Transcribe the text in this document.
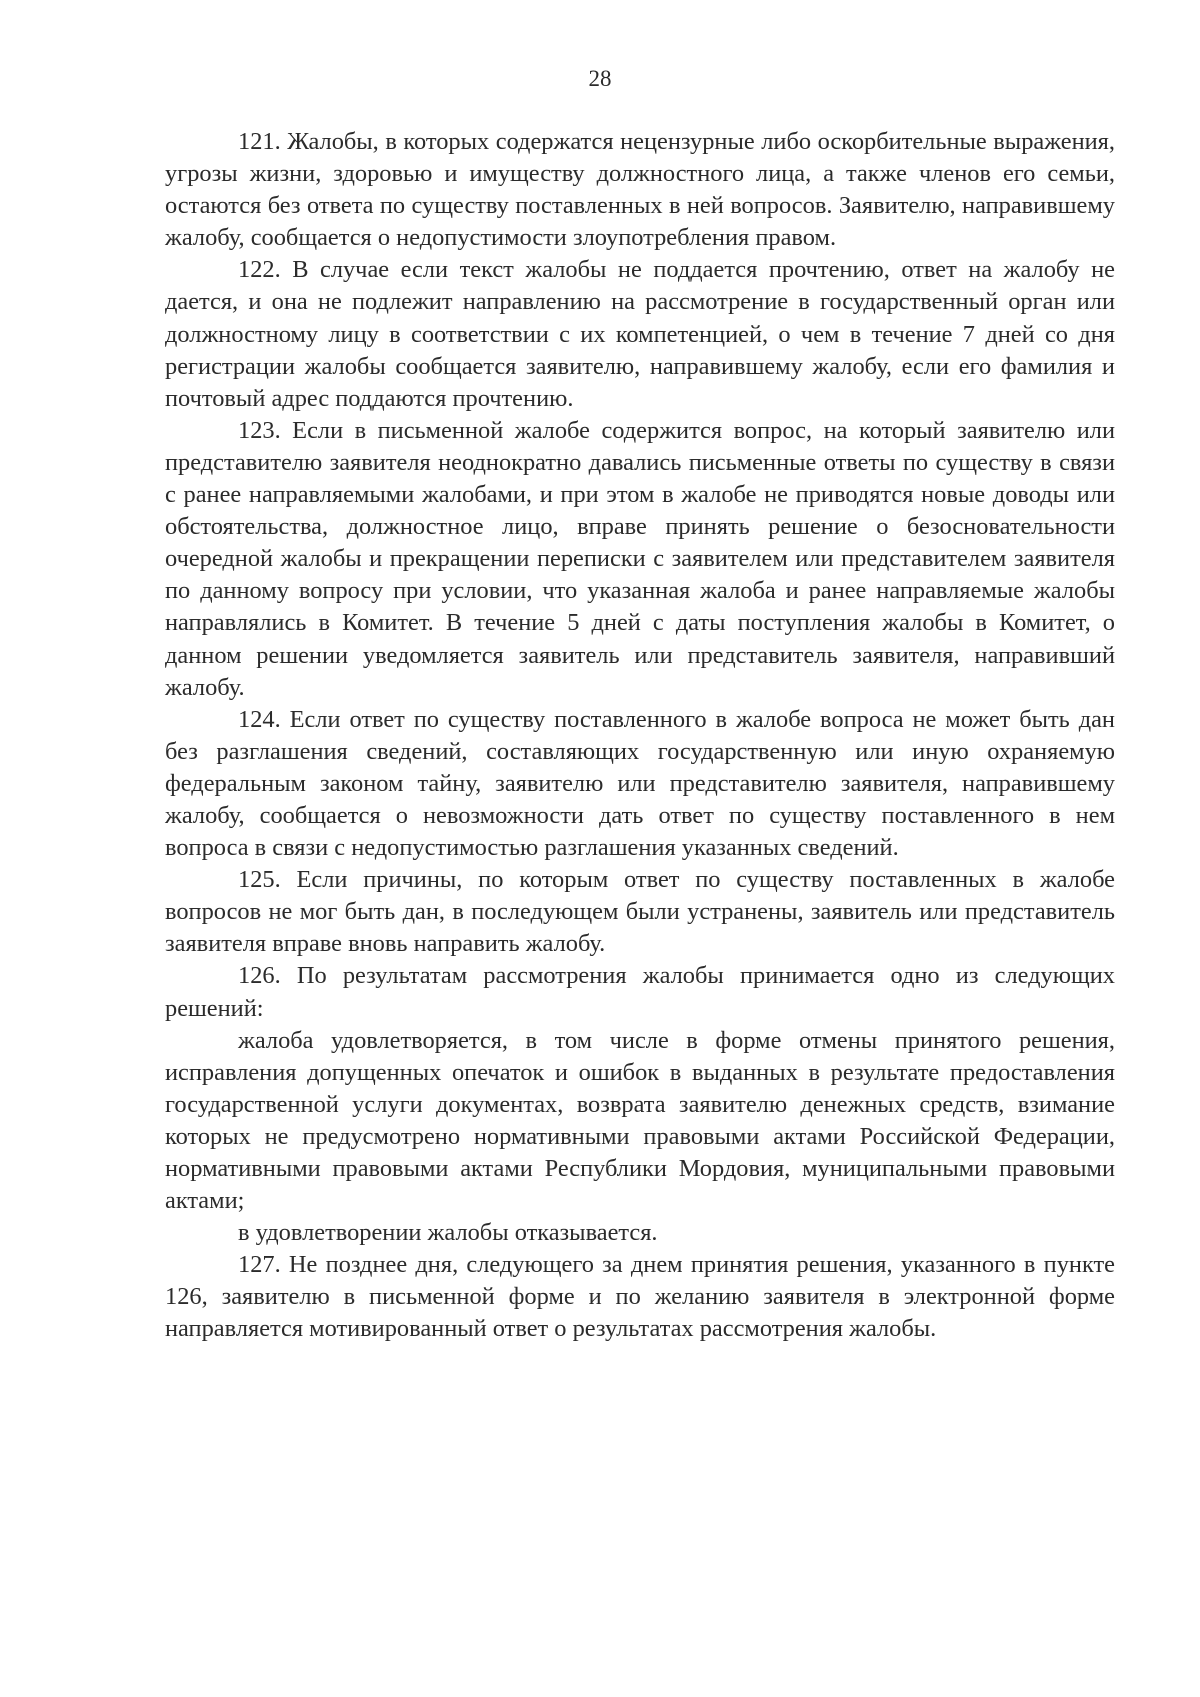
28

121. Жалобы, в которых содержатся нецензурные либо оскорбительные выражения, угрозы жизни, здоровью и имуществу должностного лица, а также членов его семьи, остаются без ответа по существу поставленных в ней вопросов. Заявителю, направившему жалобу, сообщается о недопустимости злоупотребления правом.

122. В случае если текст жалобы не поддается прочтению, ответ на жалобу не дается, и она не подлежит направлению на рассмотрение в государственный орган или должностному лицу в соответствии с их компетенцией, о чем в течение 7 дней со дня регистрации жалобы сообщается заявителю, направившему жалобу, если его фамилия и почтовый адрес поддаются прочтению.

123. Если в письменной жалобе содержится вопрос, на который заявителю или представителю заявителя неоднократно давались письменные ответы по существу в связи с ранее направляемыми жалобами, и при этом в жалобе не приводятся новые доводы или обстоятельства, должностное лицо, вправе принять решение о безосновательности очередной жалобы и прекращении переписки с заявителем или представителем заявителя по данному вопросу при условии, что указанная жалоба и ранее направляемые жалобы направлялись в Комитет. В течение 5 дней с даты поступления жалобы в Комитет, о данном решении уведомляется заявитель или представитель заявителя, направивший жалобу.

124. Если ответ по существу поставленного в жалобе вопроса не может быть дан без разглашения сведений, составляющих государственную или иную охраняемую федеральным законом тайну, заявителю или представителю заявителя, направившему жалобу, сообщается о невозможности дать ответ по существу поставленного в нем вопроса в связи с недопустимостью разглашения указанных сведений.

125. Если причины, по которым ответ по существу поставленных в жалобе вопросов не мог быть дан, в последующем были устранены, заявитель или представитель заявителя вправе вновь направить жалобу.

126. По результатам рассмотрения жалобы принимается одно из следующих решений:

жалоба удовлетворяется, в том числе в форме отмены принятого решения, исправления допущенных опечаток и ошибок в выданных в результате предоставления государственной услуги документах, возврата заявителю денежных средств, взимание которых не предусмотрено нормативными правовыми актами Российской Федерации, нормативными правовыми актами Республики Мордовия, муниципальными правовыми актами;

в удовлетворении жалобы отказывается.

127. Не позднее дня, следующего за днем принятия решения, указанного в пункте 126, заявителю в письменной форме и по желанию заявителя в электронной форме направляется мотивированный ответ о результатах рассмотрения жалобы.
